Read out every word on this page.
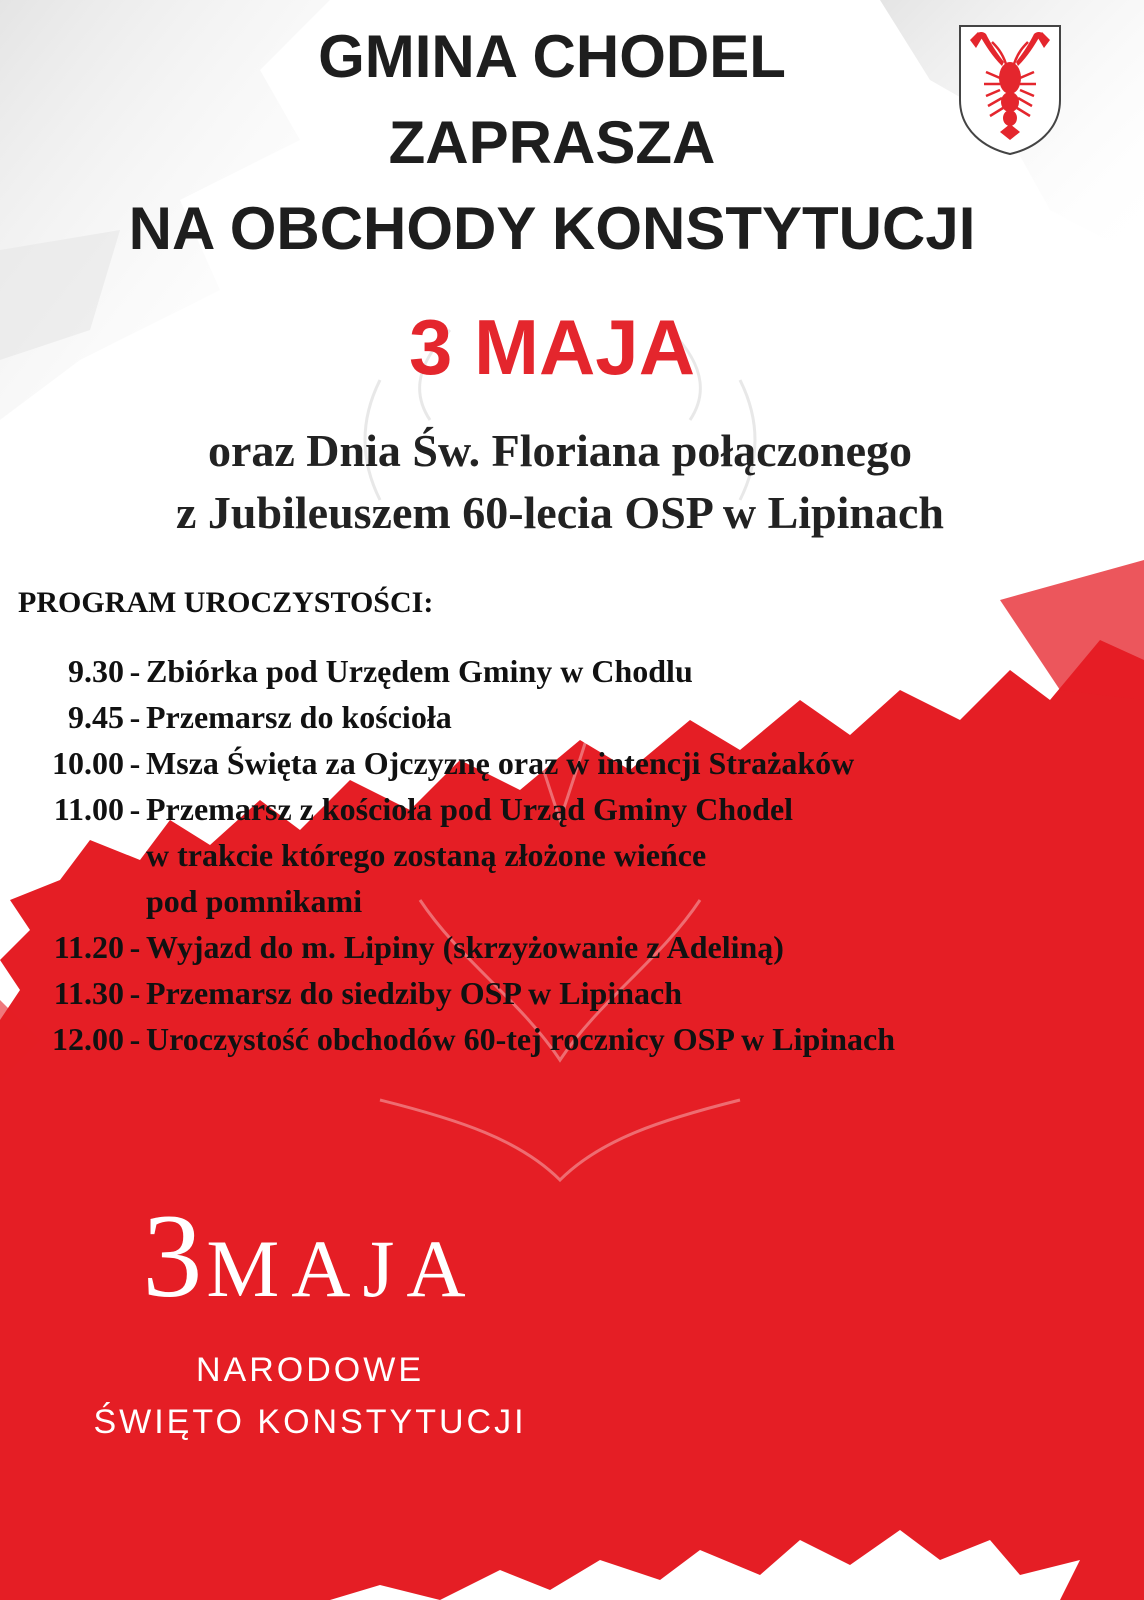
GMINA CHODEL
ZAPRASZA
NA OBCHODY KONSTYTUCJI
3 MAJA
oraz Dnia Św. Floriana połączonego
z Jubileuszem 60-lecia OSP w Lipinach
PROGRAM UROCZYSTOŚCI:
9.30 - Zbiórka pod Urzędem Gminy w Chodlu
9.45 - Przemarsz do kościoła
10.00 - Msza Święta za Ojczyznę oraz w intencji Strażaków
11.00 - Przemarsz z kościoła pod Urząd Gminy Chodel
w trakcie którego zostaną złożone wieńce
pod pomnikami
11.20 - Wyjazd do m. Lipiny (skrzyżowanie z Adeliną)
11.30 - Przemarsz do siedziby OSP w Lipinach
12.00 - Uroczystość obchodów 60-tej rocznicy OSP w Lipinach
3 MAJA
NARODOWE
ŚWIĘTO KONSTYTUCJI
